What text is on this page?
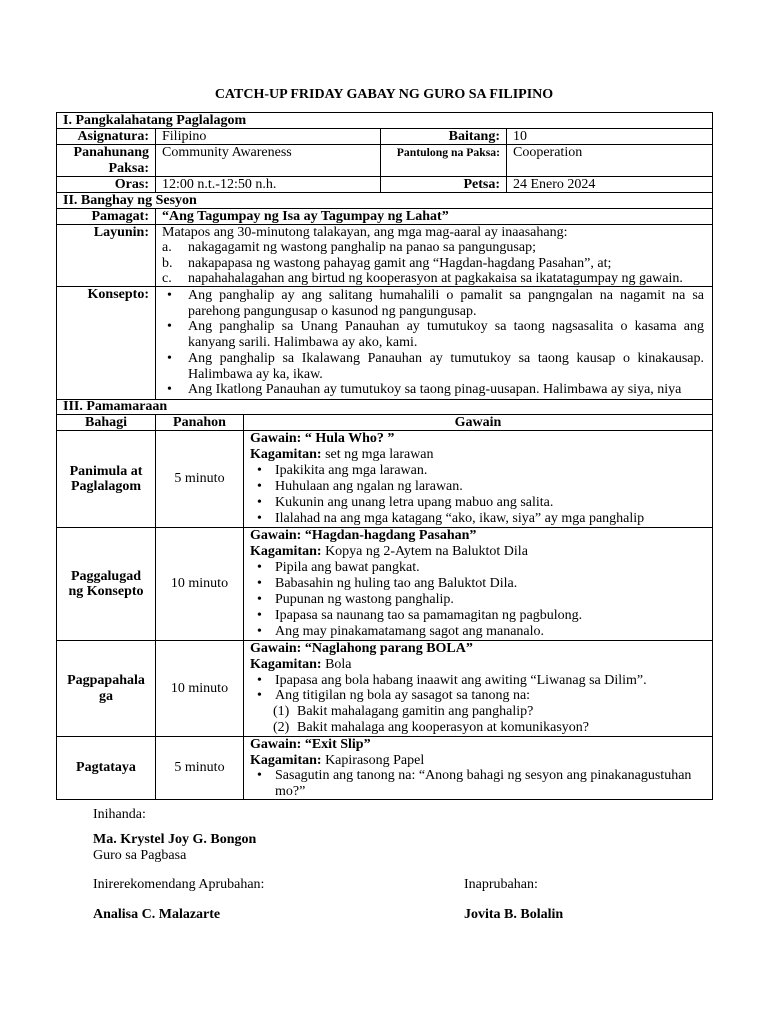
CATCH-UP FRIDAY GABAY NG GURO SA FILIPINO
I. Pangkalahatang Paglalagom
Asignatura: Filipino	Baitang: 10
Panahunang Paksa:
Community Awareness	Pantulong na Paksa: Cooperation
Oras: 12:00 n.t.-12:50 n.h.	Petsa: 24 Enero 2024
II. Banghay ng Sesyon
Pamagat: “Ang Tagumpay ng Isa ay Tagumpay ng Lahat”
Layunin: Matapos ang 30-minutong talakayan, ang mga mag-aaral ay inaasahang:
a. nakagagamit ng wastong panghalip na panao sa pangungusap;
b. nakapapasa ng wastong pahayag gamit ang “Hagdan-hagdang Pasahan”, at;
c. napahahalagahan ang birtud ng kooperasyon at pagkakaisa sa ikatatagumpay ng gawain.
Konsepto:
•	Ang panghalip ay ang salitang humahalili o pamalit sa pangngalan na nagamit na sa parehong pangungusap o kasunod ng pangungusap.
• Ang panghalip sa Unang Panauhan ay tumutukoy sa taong nagsasalita o kasama ang kanyang sarili. Halimbawa ay ako, kami.
• Ang panghalip sa Ikalawang Panauhan ay tumutukoy sa taong kausap o kinakausap. Halimbawa ay ka, ikaw.
• Ang Ikatlong Panauhan ay tumutukoy sa taong pinag-uusapan. Halimbawa ay siya, niya
III. Pamamaraan
Bahagi	Panahon	Gawain
Panimula at
Paglalagom
5 minuto
Gawain: “ Hula Who? ”
Kagamitan: set ng mga larawan
• Ipakikita ang mga larawan.
• Huhulaan ang ngalan ng larawan.
• Kukunin ang unang letra upang mabuo ang salita.
• Ilalahad na ang mga katagang “ako, ikaw, siya” ay mga panghalip
Paggalugad
ng Konsepto
10 minuto
Gawain: “Hagdan-hagdang Pasahan”
Kagamitan: Kopya ng 2-Aytem na Baluktot Dila
• Pipila ang bawat pangkat.
• Babasahin ng huling tao ang Baluktot Dila.
• Pupunan ng wastong panghalip.
• Ipapasa sa naunang tao sa pamamagitan ng pagbulong.
• Ang may pinakamatamang sagot ang mananalo.
Pagpapahala
ga
10 minuto
Gawain: “Naglahong parang BOLA”
Kagamitan: Bola
• Ipapasa ang bola habang inaawit ang awiting “Liwanag sa Dilim”.
• Ang titigilan ng bola ay sasagot sa tanong na:
(1) Bakit mahalagang gamitin ang panghalip?
(2) Bakit mahalaga ang kooperasyon at komunikasyon?
Pagtataya	5 minuto
Gawain: “Exit Slip”
Kagamitan: Kapirasong Papel
• Sasagutin ang tanong na: “Anong bahagi ng sesyon ang pinakanagustuhan mo?”
Inihanda:
Ma. Krystel Joy G. Bongon
Guro sa Pagbasa
Inirerekomendang Aprubahan:	Inaprubahan:
Analisa C. Malazarte	Jovita B. Bolalin
